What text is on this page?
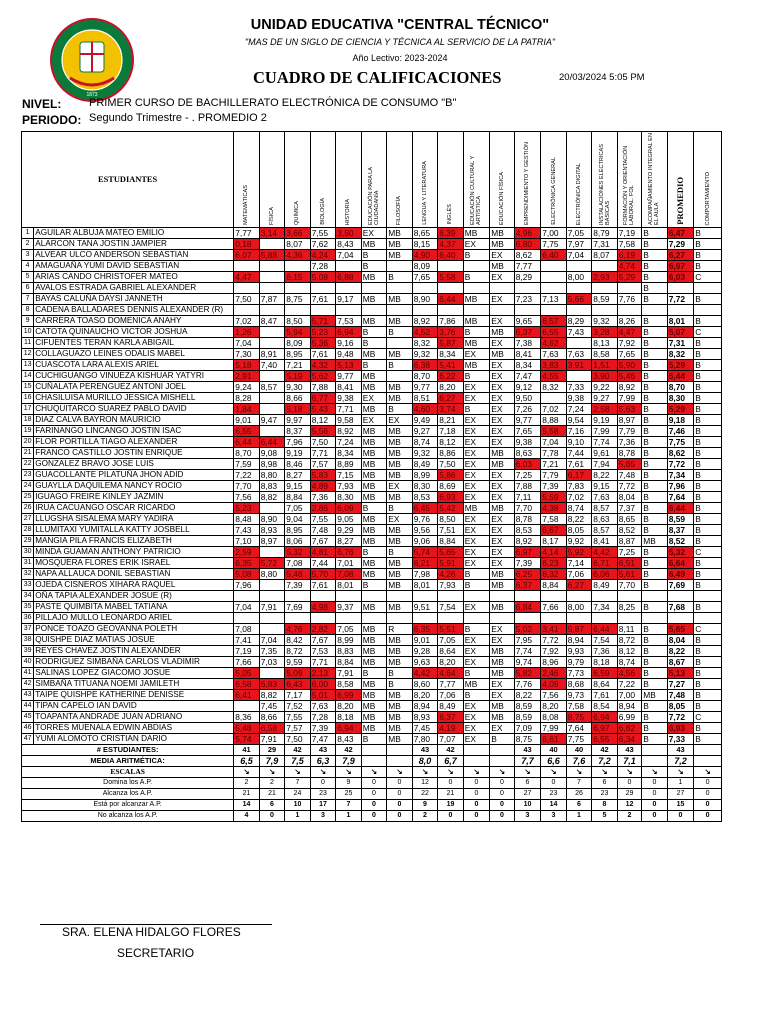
1873
UNIDAD EDUCATIVA "CENTRAL TÉCNICO"
"MAS DE UN SIGLO DE CIENCIA Y TÉCNICA AL SERVICIO DE LA PATRIA"
Año Lectivo: 2023-2024
CUADRO DE CALIFICACIONES	20/03/2024 5:05 PM
NIVEL:	PRIMER CURSO DE BACHILLERATO ELECTRÓNICA DE CONSUMO "B"
PERIODO: Segundo Trimestre - . PROMEDIO 2
ESTUDIANTES		MATEMÁTICAS	FÍSICA	QUÍMICA	BIOLOGÍA	HISTORIA	EDUCACIÓN PARA LA CIUDADANÍA	FILOSOFÍA	LENGUA Y LITERATURA	INGLÉS	EDUCACIÓN CULTURAL Y ARTÍSTICA	EDUCACIÓN FÍSICA	EMPRENDIMIENTO Y GESTIÓN	ELECTRÓNICA GENERAL	ELECTRÓNICA DIGITAL	INSTALACIONES ELÉCTRICAS BÁSICAS	FORMACIÓN Y ORIENTACIÓN LABORAL. FOL	ACOMPAÑAMIENTO INTEGRAL EN EL AULA	PROMEDIO	COMPORTAMIENTO
1	AGUILAR ALBUJA MATEO EMILIO	7,77	3,14	3,66	7,55	3,50	EX	MB	8,65	6,39	MB	MB	4,96	7,00	7,05	8,79	7,19	B	6,47	B
2	ALARCON TANA JOSTIN JAMPIER	0,18		8,07	7,62	8,43	MB	MB	8,15	4,37	EX	MB	6,80	7,75	7,97	7,31	7,58	B	7,29	B
3	ALVEAR ULCO ANDERSON SEBASTIAN	6,07	5,88	4,36	4,24	7,04	B	MB	4,90	6,40	B	EX	8,62	6,40	7,04	8,07	6,19	B	6,27	B
4	AMAGUAÑA YUMI DAVID SEBASTIAN				7,28		B		8,09			MB	7,77				4,74	B	6,97	B
5	ARIAS CANDO CHRISTOFER MATEO	4,47		6,15	5,08	6,88	MB	B	7,65	5,58	B	EX	8,29		8,00	2,93	5,29	B	6,03	C
6	AVALOS ESTRADA GABRIEL ALEXANDER																	B		
7	BAYAS CALUÑA DAYSI JANNETH	7,50	7,87	8,75	7,61	9,17	MB	MB	8,90	6,44	MB	EX	7,23	7,13	5,66	8,59	7,76	B	7,72	B
8	CADENA BALLADARES DENNIS ALEXANDER (R)																			
9	CARRERA TOASO DOMENICA ANAHY	7,02	8,47	8,50	5,71	7,53	MB	MB	8,92	7,86	MB	EX	9,65	6,57	8,29	9,32	8,26	B	8,01	B
10	CATOTA QUINAUCHO VICTOR JOSHUA	1,26		5,94	5,23	6,94	B	B	4,52	3,76	B	MB	6,37	6,55	7,43	3,28	4,47	B	5,07	C
11	CIFUENTES TERAN KARLA ABIGAIL	7,04		8,09	5,36	9,16	B		8,32	5,87	MB	EX	7,38	4,62		8,13	7,92	B	7,31	B
12	COLLAGUAZO LEINES ODALIS MABEL	7,30	8,91	8,95	7,61	9,48	MB	MB	9,32	8,34	EX	MB	8,41	7,63	7,63	8,58	7,65	B	8,32	B
13	CUASCOTA LARA ALEXIS ARIEL	5,18	7,40	7,21	4,32	5,13	B	B	6,38	5,41	MB	EX	8,34	3,83	3,91	1,51	5,90	B	5,29	B
14	CUCHIGUANGO VINUEZA KISHUAR YATYRI	2,91		5,19	5,62	9,77	MB		8,70	6,22	B	EX	7,47	4,55		3,90	5,46	B	5,44	B
15	CUÑALATA PERENGUEZ ANTONI JOEL	9,24	8,57	9,30	7,88	8,41	MB	MB	9,77	8,20	EX	EX	9,12	8,32	7,33	9,22	8,92	B	8,70	B
16	CHASILUISA MURILLO JESSICA MISHELL	8,28		8,66	6,77	9,38	EX	MB	8,51	6,27	EX	EX	9,50		9,38	9,27	7,99	B	8,30	B
17	CHUQUITARCO SUAREZ PABLO DAVID	1,84		5,18	5,43	7,71	MB	B	4,60	3,74	B	EX	7,26	7,02	7,24	2,58	5,63	B	5,29	B
18	DIAZ CALVA BAYRON MAURICIO	9,01	9,47	9,97	8,12	9,58	EX	EX	9,49	8,21	EX	EX	9,77	8,88	9,54	9,19	8,97	B	9,18	B
19	FARINANGO LINCANGO JOSTIN ISAC	6,55		8,37	5,56	8,92	MB	MB	9,27	7,18	EX	EX	7,65	5,58	7,16	7,99	7,79	B	7,46	B
20	FLOR PORTILLA TIAGO ALEXANDER	6,44	6,44	7,96	7,50	7,24	MB	MB	8,74	8,12	EX	EX	9,38	7,04	9,10	7,74	7,36	B	7,75	B
21	FRANCO CASTILLO JOSTIN ENRIQUE	8,70	9,08	9,19	7,71	8,34	MB	MB	9,32	8,86	EX	MB	8,63	7,78	7,44	9,61	8,78	B	8,62	B
22	GONZALEZ BRAVO JOSE LUIS	7,59	8,98	8,46	7,57	8,89	MB	MB	8,49	7,50	EX	MB	6,03	7,21	7,61	7,94	5,85	B	7,72	B
23	GUACOLLANTE PILATUÑA JHON ADID	7,22	8,80	8,27	5,83	7,15	MB	MB	8,99	5,86	EX	EX	7,25	7,79	6,17	8,22	7,48	B	7,34	B
24	GUAYLLA DAQUILEMA NANCY ROCIO	7,70	8,83	9,15	4,89	7,93	MB	EX	8,30	8,69	EX	EX	7,88	7,39	7,83	9,15	7,72	B	7,96	B
25	IGUAGO FREIRE KINLEY JAZMIN	7,56	8,82	8,84	7,36	8,30	MB	MB	8,53	6,93	EX	EX	7,11	5,59	7,02	7,63	8,04	B	7,64	B
26	IRUA CACUANGO OSCAR RICARDO	5,23		7,05	2,86	6,09	B	B	6,45	5,42	MB	MB	7,70	4,38	8,74	8,57	7,37	B	6,44	B
27	LLUGSHA SISALEMA MARY YADIRA	8,48	8,90	9,04	7,55	9,05	MB	EX	9,76	8,50	EX	EX	8,78	7,58	8,22	8,63	8,65	B	8,59	B
28	LLUMITAXI YUMITALLA KATTY JOSBELL	7,43	8,93	8,95	7,48	9,29	MB	MB	9,56	7,51	EX	EX	8,53	6,67	8,05	8,57	8,52	B	8,37	B
29	MANGIA PILA FRANCIS ELIZABETH	7,10	8,97	8,06	7,67	8,27	MB	MB	9,06	8,84	EX	EX	8,92	8,17	9,92	8,41	8,87	MB	8,52	B
30	MINDA GUAMAN ANTHONY PATRICIO	2,59		5,32	4,81	6,76	B	B	5,74	5,65	EX	EX	6,97	4,14	5,92	4,42	7,25	B	5,32	C
31	MOSQUERA FLORES ERIK ISRAEL	6,35	5,72	7,08	7,44	7,01	MB	MB	6,21	5,91	EX	EX	7,39	6,23	7,14	6,71	6,51	B	6,64	B
32	NAPA ALLAUCA DONIL SEBASTIAN	5,08	8,80	5,48	5,70	7,08	MB	MB	7,98	4,26	B	MB	6,25	6,32	7,06	6,06	5,61	B	6,49	B
33	OJEDA CISNEROS XIHARA RAQUEL	7,96		7,39	7,61	8,01	B	MB	8,01	7,93	B	MB	6,37	8,84	6,27	8,49	7,70	B	7,69	B
34	OÑA TAPIA ALEXANDER JOSUE (R)																			
35	PASTE QUIMBITA MABEL TATIANA	7,04	7,91	7,69	4,98	9,37	MB	MB	9,51	7,54	EX	MB	6,84	7,66	8,00	7,34	8,25	B	7,68	B
36	PILLAJO MULLO LEONARDO ARIEL																			
37	PONCE TOAZO GEOVANNA POLETH	7,08		4,76	2,82	7,05	MB	R	6,35	5,51	B	EX	5,02	3,41	5,87	6,44	8,11	B	5,65	C
38	QUISHPE DIAZ MATIAS JOSUE	7,41	7,04	8,42	7,67	8,99	MB	MB	9,01	7,05	EX	EX	7,95	7,72	8,94	7,54	8,72	B	8,04	B
39	REYES CHAVEZ JOSTIN ALEXANDER	7,19	7,35	8,72	7,53	8,83	MB	MB	9,28	8,64	EX	MB	7,74	7,92	9,93	7,36	8,12	B	8,22	B
40	RODRIGUEZ SIMBAÑA CARLOS VLADIMIR	7,66	7,03	9,59	7,71	8,84	MB	MB	9,63	8,20	EX	MB	9,74	8,96	9,79	8,18	8,74	B	8,67	B
41	SALINAS LOPEZ GIACOMO JOSUE	5,05		5,09	2,13	7,91	B	B	4,42	4,64	B	MB	5,82	2,46	7,73	6,59	4,56	B	5,13	B
42	SIMBAÑA TITUANA NOEMI JAMILETH	6,58	6,83	6,43	6,00	8,58	MB	B	8,60	7,77	MB	EX	7,76	4,09	8,68	8,64	7,22	B	7,27	B
43	TAIPE QUISHPE KATHERINE DENISSE	6,41	8,82	7,17	5,01	6,99	MB	MB	8,20	7,06	B	EX	8,22	7,56	9,73	7,61	7,00	MB	7,48	B
44	TIPAN CAPELO IAN DAVID		7,45	7,52	7,63	8,20	MB	MB	8,94	8,49	EX	MB	8,59	8,20	7,58	8,54	8,94	B	8,05	B
45	TOAPANTA ANDRADE JUAN ADRIANO	8,36	8,66	7,55	7,28	8,18	MB	MB	8,93	6,37	EX	MB	8,59	8,08	8,75	6,94	6,99	B	7,72	C
46	TORRES MUENALA EDWIN ABDIAS	5,48	6,58	7,57	7,39	6,94	MB	MB	7,45	4,19	EX	EX	7,09	7,99	7,64	6,97	6,82	B	6,93	B
47	YUMI ALOMOTO CRISTIAN DARIO	5,74	7,91	7,50	7,47	8,43	B	MB	7,80	7,07	EX	B	8,75	6,61	7,75	6,55	6,34	B	7,33	B
# ESTUDIANTES:		41	29	42	43	42			43	42			43	40	40	42	43		43	
MEDIA ARITMÉTICA:		6,5	7,9	7,5	6,3	7,9			8,0	6,7			7,7	6,6	7,6	7,2	7,1		7,2	
ESCALAS		↘	↘	↘	↘	↘	↘	↘	↘	↘	↘	↘	↘	↘	↘	↘	↘	↘	↘	↘
Domina los A.P.		2	2	7	0	9	0	0	12	0	0	0	6	0	7	6	0	0	1	0
Alcanza los A.P.		21	21	24	23	25	0	0	22	21	0	0	27	23	26	23	29	0	27	0
Está por alcanzar A.P.		14	6	10	17	7	0	0	9	19	0	0	10	14	6	8	12	0	15	0
No alcanza los A.P.		4	0	1	3	1	0	0	2	0	0	0	3	3	1	5	2	0	0	0
SRA. ELENA HIDALGO FLORES
SECRETARIO
